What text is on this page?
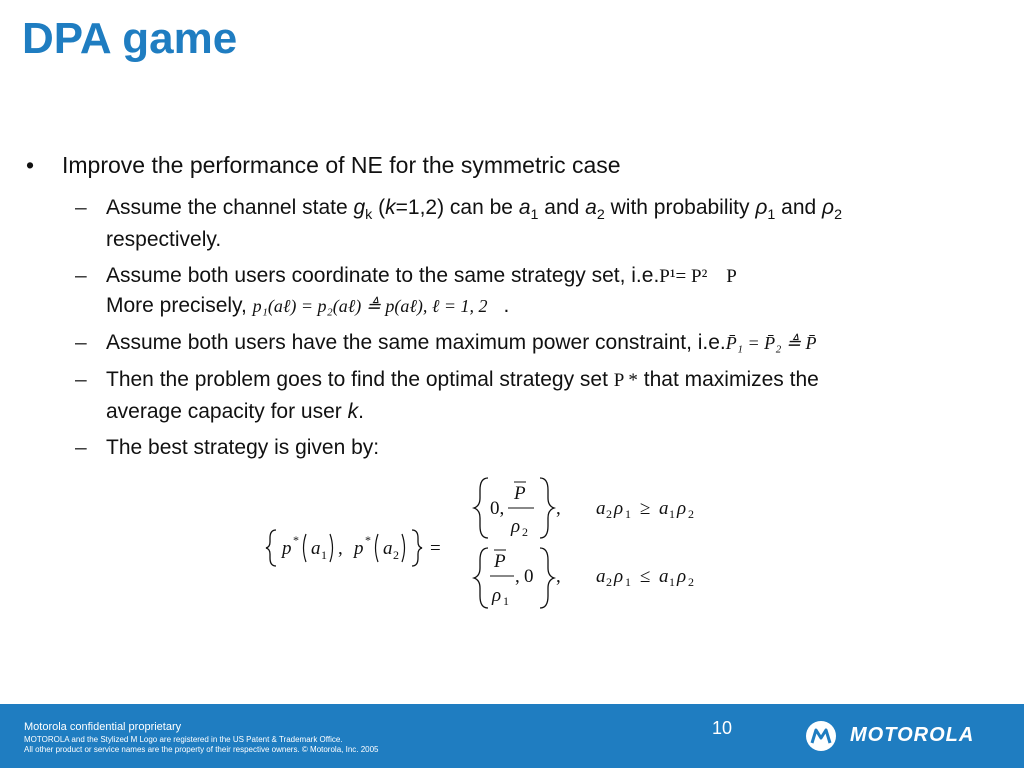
DPA game
• Improve the performance of NE for the symmetric case
– Assume the channel state $g_k$ (k=1,2) can be $a_1$ and $a_2$ with probability $\rho_1$ and $\rho_2$
respectively.
– Assume both users coordinate to the same strategy set, i.e.P¹= P² P
More precisely, p₁(aℓ) = p₂(aℓ) ≜ p(aℓ), ℓ = 1, 2 .
– Assume both users have the same maximum power constraint, i.e.P̄₁ = P̄₂ ≜ P̄
– Then the problem goes to find the optimal strategy set P * that maximizes the
average capacity for user k.
– The best strategy is given by:
p * a 1 , p * a 2 =
0,
P
ρ 2
, a 2 ρ 1 ≥ a 1 ρ 2
P
ρ 1
, 0 , a 2 ρ 1 ≤ a 1 ρ 2
Motorola confidential proprietary
MOTOROLA and the Stylized M Logo are registered in the US Patent & Trademark Office.
All other product or service names are the property of their respective owners. © Motorola, Inc. 2005
10	MOTOROLA
